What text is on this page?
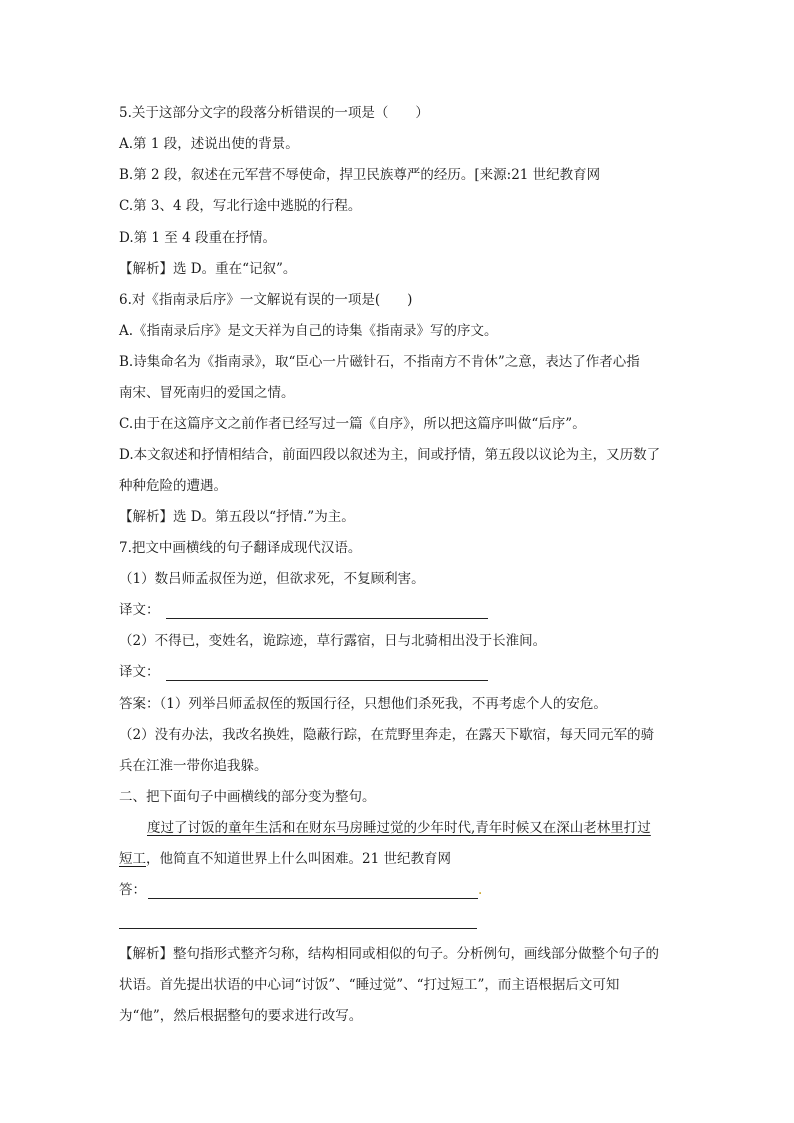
5.关于这部分文字的段落分析错误的一项是（　　）
A.第 1 段，述说出使的背景。
B.第 2 段，叙述在元军营不辱使命，捍卫民族尊严的经历。[来源:21 世纪教育网
C.第 3、4 段，写北行途中逃脱的行程。
D.第 1 至 4 段重在抒情。
【解析】选 D。重在“记叙”。
6.对《指南录后序》一文解说有误的一项是(　　)
A.《指南录后序》是文天祥为自己的诗集《指南录》写的序文。
B.诗集命名为《指南录》，取“臣心一片磁针石，不指南方不肯休”之意，表达了作者心指
南宋、冒死南归的爱国之情。
C.由于在这篇序文之前作者已经写过一篇《自序》，所以把这篇序叫做“后序”。
D.本文叙述和抒情相结合，前面四段以叙述为主，间或抒情，第五段以议论为主，又历数了
种种危险的遭遇。
【解析】选 D。第五段以“抒情.”为主。
7.把文中画横线的句子翻译成现代汉语。
（1）数吕师孟叔侄为逆，但欲求死，不复顾利害。
译文：
（2）不得已，变姓名，诡踪迹，草行露宿，日与北骑相出没于长淮间。
译文：
答案：（1）列举吕师孟叔侄的叛国行径，只想他们杀死我，不再考虑个人的安危。
（2）没有办法，我改名换姓，隐蔽行踪，在荒野里奔走，在露天下歇宿，每天同元军的骑
兵在江淮一带你追我躲。
二、把下面句子中画横线的部分变为整句。
度过了讨饭的童年生活和在财东马房睡过觉的少年时代,青年时候又在深山老林里打过
短工，他简直不知道世界上什么叫困难。21 世纪教育网
答：	.
【解析】整句指形式整齐匀称，结构相同或相似的句子。分析例句，画线部分做整个句子的
状语。首先提出状语的中心词“讨饭”、“睡过觉”、“打过短工”，而主语根据后文可知
为“他”，然后根据整句的要求进行改写。
